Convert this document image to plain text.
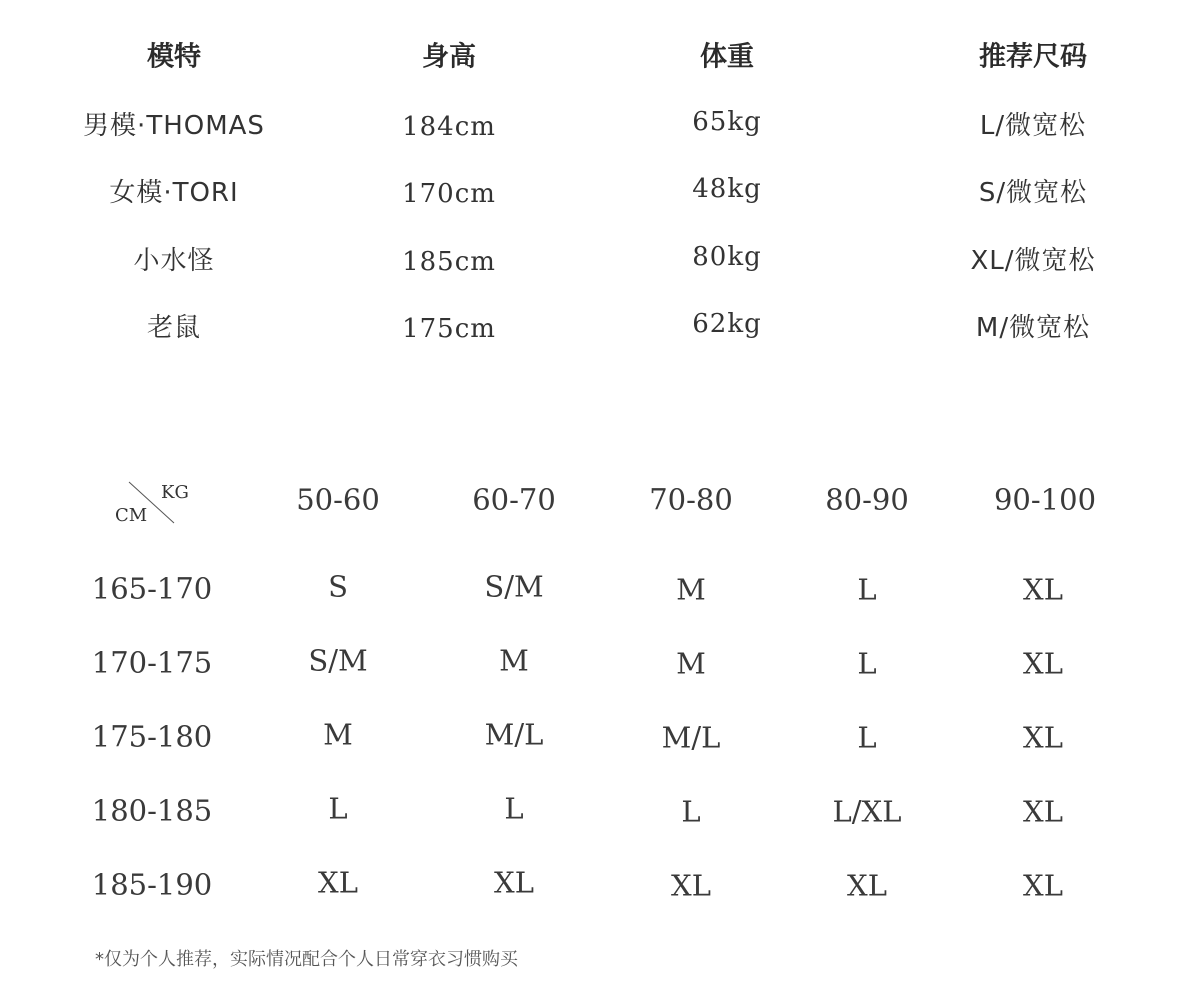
模特	身高	体重	推荐尺码
男模·THOMAS	184cm	65kg	L/微宽松
女模·TORI	170cm	48kg	S/微宽松
小水怪	185cm	80kg	XL/微宽松
老鼠	175cm	62kg	M/微宽松
KG
CM	50-60	60-70	70-80	80-90	90-100
165-170	S	S/M	M	L	XL
170-175	S/M	M	M	L	XL
175-180	M	M/L	M/L	L	XL
180-185	L	L	L	L/XL	XL
185-190	XL	XL	XL	XL	XL
*仅为个人推荐，实际情况配合个人日常穿衣习惯购买
